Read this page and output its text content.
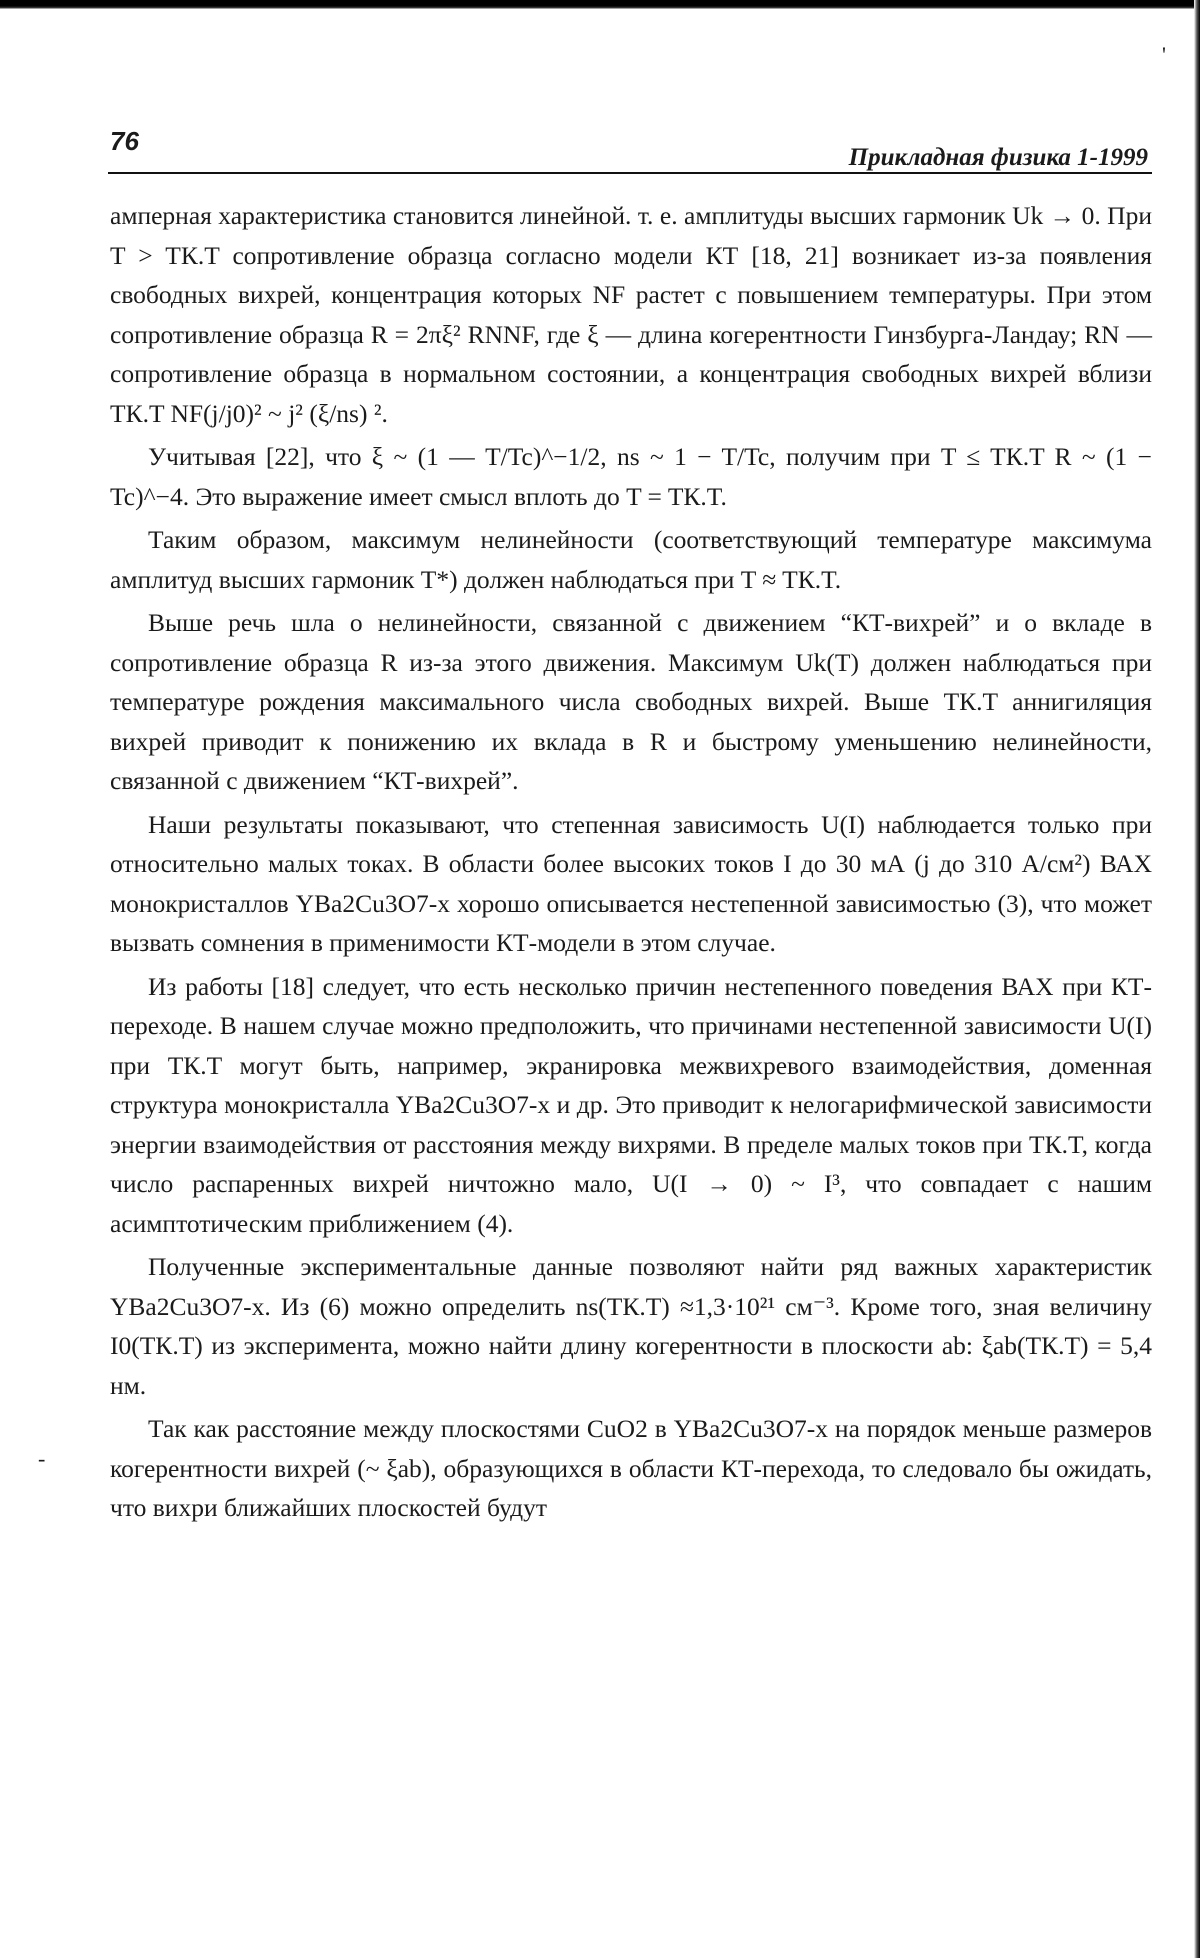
76
Прикладная физика 1-1999
'
-

амперная характеристика становится линейной. т. е. амплитуды высших гармоник Uk → 0. При T > TК.T сопротивление образца согласно модели КТ [18, 21] возникает из-за появления свободных вихрей, концентрация которых NF растет с повышением температуры. При этом сопротивление образца R = 2πξ² RNNF, где ξ — длина когерентности Гинзбурга-Ландау; RN — сопротивление образца в нормальном состоянии, а концентрация свободных вихрей вблизи TК.T NF(j/j0)² ~ j² (ξ/ns) ².

Учитывая [22], что ξ ~ (1 — T/Tc)^−1/2, ns ~ 1 − T/Tc, получим при T ≤ TК.T R ~ (1 − Tc)^−4. Это выражение имеет смысл вплоть до T = TК.T.

Таким образом, максимум нелинейности (соответствующий температуре максимума амплитуд высших гармоник T*) должен наблюдаться при T ≈ TК.T.

Выше речь шла о нелинейности, связанной с движением “КТ-вихрей” и о вкладе в сопротивление образца R из-за этого движения. Максимум Uk(T) должен наблюдаться при температуре рождения максимального числа свободных вихрей. Выше TК.T аннигиляция вихрей приводит к понижению их вклада в R и быстрому уменьшению нелинейности, связанной с движением “КТ-вихрей”.

Наши результаты показывают, что степенная зависимость U(I) наблюдается только при относительно малых токах. В области более высоких токов I до 30 мА (j до 310 А/см²) ВАХ монокристаллов YBa2Cu3O7-x хорошо описывается нестепенной зависимостью (3), что может вызвать сомнения в применимости КТ-модели в этом случае.

Из работы [18] следует, что есть несколько причин нестепенного поведения ВАХ при КТ-переходе. В нашем случае можно предположить, что причинами нестепенной зависимости U(I) при TК.T могут быть, например, экранировка межвихревого взаимодействия, доменная структура монокристалла YBa2Cu3O7-x и др. Это приводит к нелогарифмической зависимости энергии взаимодействия от расстояния между вихрями. В пределе малых токов при TК.T, когда число распаренных вихрей ничтожно мало, U(I → 0) ~ I³, что совпадает с нашим асимптотическим приближением (4).

Полученные экспериментальные данные позволяют найти ряд важных характеристик YBa2Cu3O7-x. Из (6) можно определить ns(TК.T) ≈1,3·10²¹ см⁻³. Кроме того, зная величину I0(TК.T) из эксперимента, можно найти длину когерентности в плоскости ab: ξab(TК.T) = 5,4 нм.

Так как расстояние между плоскостями CuO2 в YBa2Cu3O7-x на порядок меньше размеров когерентности вихрей (~ ξab), образующихся в области КТ-перехода, то следовало бы ожидать, что вихри ближайших плоскостей будут
